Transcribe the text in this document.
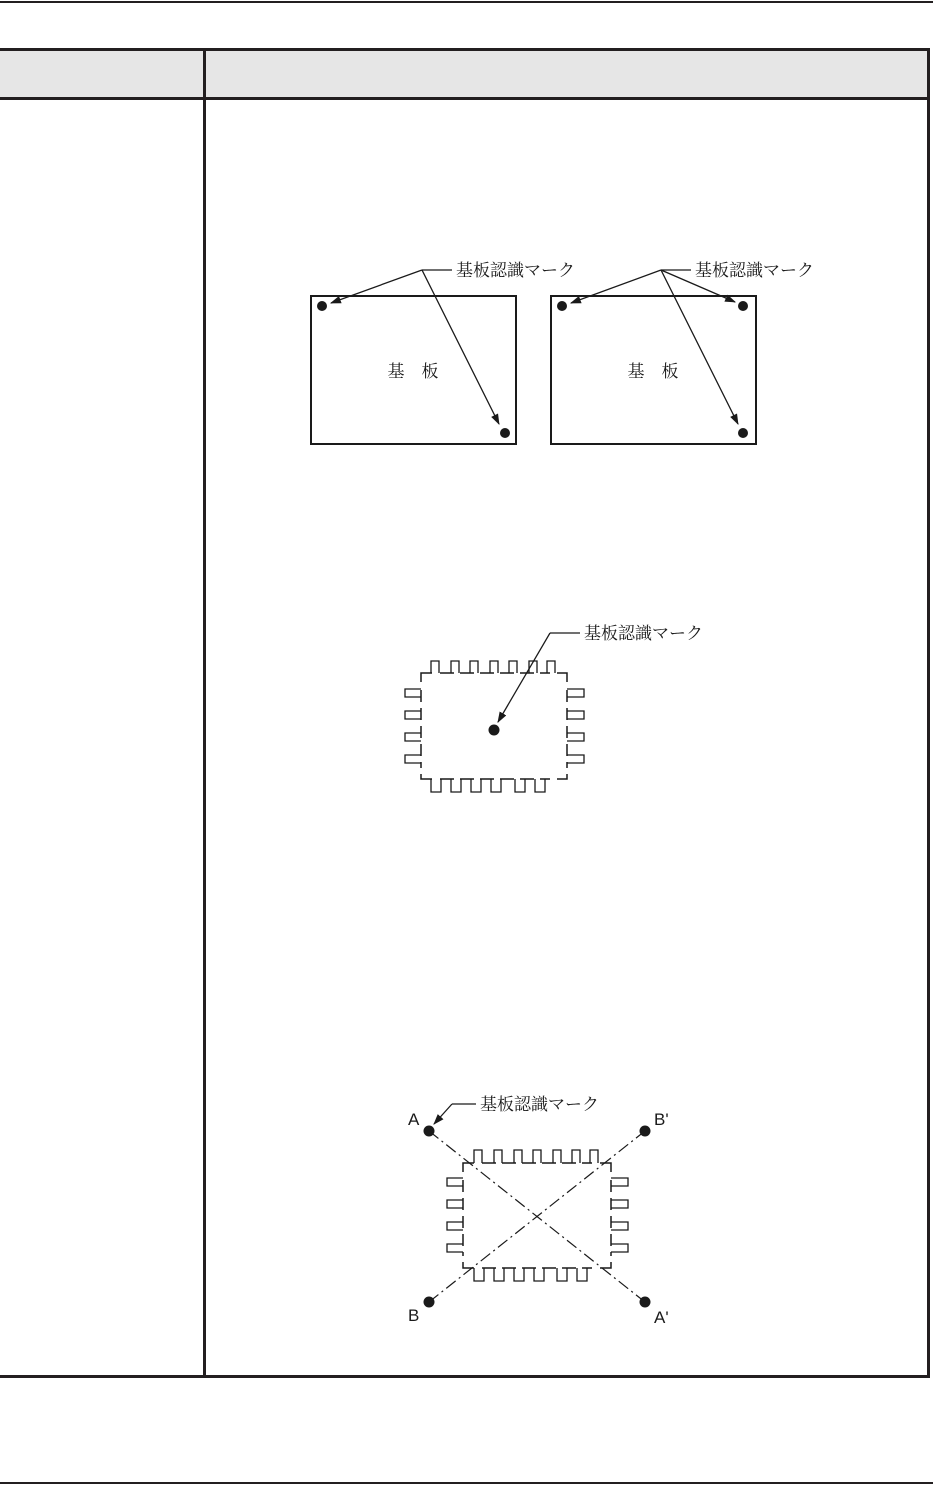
基板認識マーク	基板認識マーク
基　板	基　板
基板認識マーク
基板認識マーク
A	B'
B	A'
